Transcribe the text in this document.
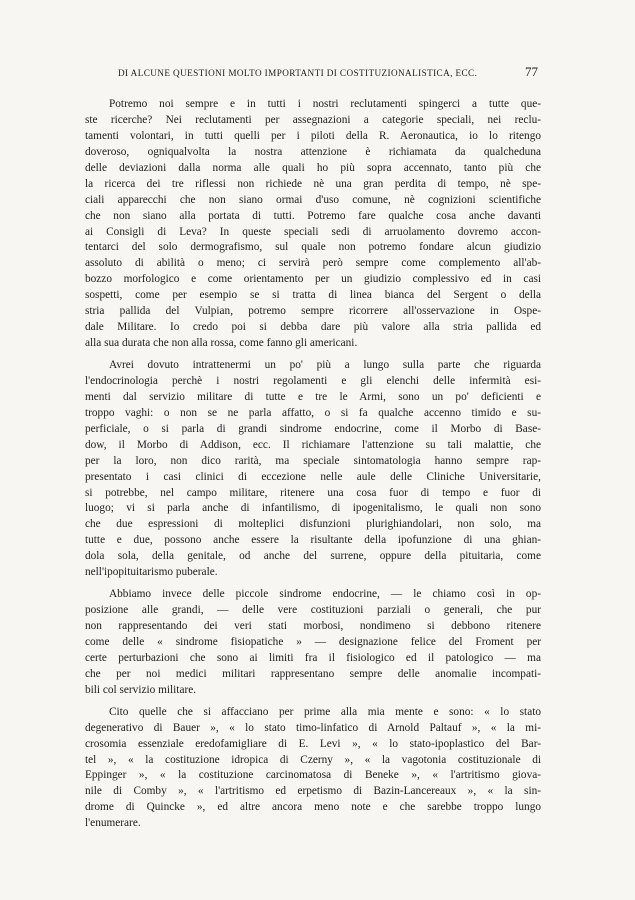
DI ALCUNE QUESTIONI MOLTO IMPORTANTI DI COSTITUZIONALISTICA, ECC.	77

Potremo noi sempre e in tutti i nostri reclutamenti spingerci a tutte que-
ste ricerche? Nei reclutamenti per assegnazioni a categorie speciali, nei reclu-
tamenti volontari, in tutti quelli per i piloti della R. Aeronautica, io lo ritengo
doveroso, ogniqualvolta la nostra attenzione è richiamata da qualcheduna
delle deviazioni dalla norma alle quali ho più sopra accennato, tanto più che
la ricerca dei tre riflessi non richiede nè una gran perdita di tempo, nè spe-
ciali apparecchi che non siano ormai d'uso comune, nè cognizioni scientifiche
che non siano alla portata di tutti. Potremo fare qualche cosa anche davanti
ai Consigli di Leva? In queste speciali sedi di arruolamento dovremo accon-
tentarci del solo dermografismo, sul quale non potremo fondare alcun giudizio
assoluto di abilità o meno; ci servirà però sempre come complemento all'ab-
bozzo morfologico e come orientamento per un giudizio complessivo ed in casi
sospetti, come per esempio se si tratta di linea bianca del Sergent o della
stria pallida del Vulpian, potremo sempre ricorrere all'osservazione in Ospe-
dale Militare. Io credo poi si debba dare più valore alla stria pallida ed
alla sua durata che non alla rossa, come fanno gli americani.

Avrei dovuto intrattenermi un po' più a lungo sulla parte che riguarda
l'endocrinologia perchè i nostri regolamenti e gli elenchi delle infermità esi-
menti dal servizio militare di tutte e tre le Armi, sono un po' deficienti e
troppo vaghi: o non se ne parla affatto, o si fa qualche accenno timido e su-
perficiale, o si parla di grandi sindrome endocrine, come il Morbo di Base-
dow, il Morbo di Addison, ecc. Il richiamare l'attenzione su tali malattie, che
per la loro, non dico rarità, ma speciale sintomatologia hanno sempre rap-
presentato i casi clinici di eccezione nelle aule delle Cliniche Universitarie,
si potrebbe, nel campo militare, ritenere una cosa fuor di tempo e fuor di
luogo; vi si parla anche di infantilismo, di ipogenitalismo, le quali non sono
che due espressioni di molteplici disfunzioni plurighiandolari, non solo, ma
tutte e due, possono anche essere la risultante della ipofunzione di una ghian-
dola sola, della genitale, od anche del surrene, oppure della pituitaria, come
nell'ipopituitarismo puberale.

Abbiamo invece delle piccole sindrome endocrine, — le chiamo così in op-
posizione alle grandi, — delle vere costituzioni parziali o generali, che pur
non rappresentando dei veri stati morbosi, nondimeno si debbono ritenere
come delle « sindrome fisiopatiche » — designazione felice del Froment per
certe perturbazioni che sono ai limiti fra il fisiologico ed il patologico — ma
che per noi medici militari rappresentano sempre delle anomalie incompati-
bili col servizio militare.

Cito quelle che si affacciano per prime alla mia mente e sono: « lo stato
degenerativo di Bauer », « lo stato timo-linfatico di Arnold Paltauf », « la mi-
crosomia essenziale eredofamigliare di E. Levi », « lo stato-ipoplastico del Bar-
tel », « la costituzione idropica di Czerny », « la vagotonia costituzionale di
Eppinger », « la costituzione carcinomatosa di Beneke », « l'artritismo giova-
nile di Comby », « l'artritismo ed erpetismo di Bazin-Lancereaux », « la sin-
drome di Quincke », ed altre ancora meno note e che sarebbe troppo lungo
l'enumerare.
